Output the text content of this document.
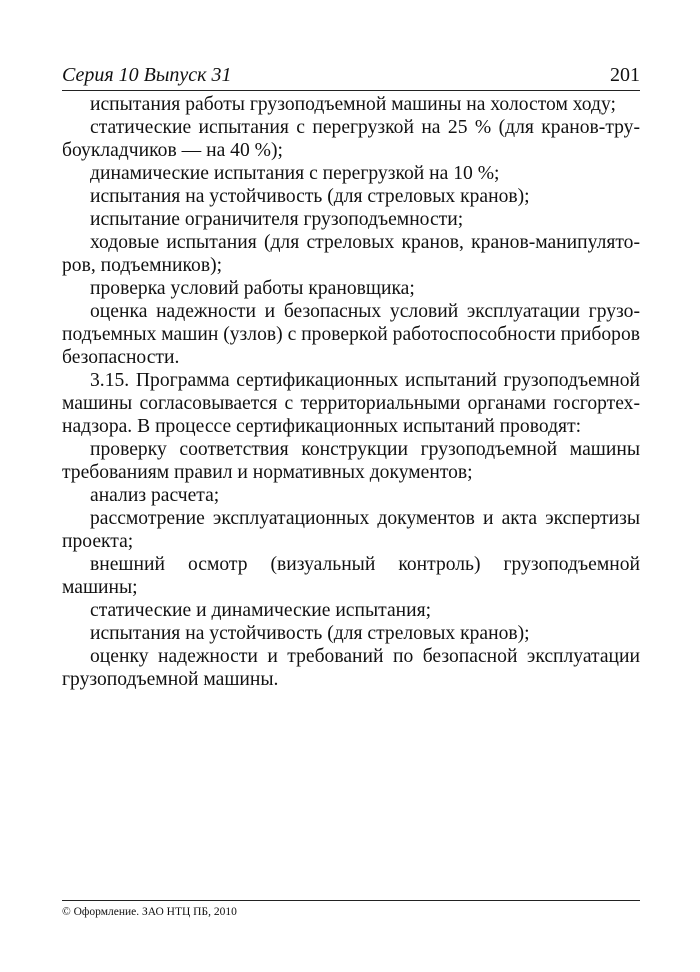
Серия 10 Выпуск 31	201

испытания работы грузоподъемной машины на холостом ходу;

статические испытания с перегрузкой на 25 % (для кранов-трубоукладчиков — на 40 %);

динамические испытания с перегрузкой на 10 %;

испытания на устойчивость (для стреловых кранов);

испытание ограничителя грузоподъемности;

ходовые испытания (для стреловых кранов, кранов-манипуляторов, подъемников);

проверка условий работы крановщика;

оценка надежности и безопасных условий эксплуатации грузоподъемных машин (узлов) с проверкой работоспособности приборов безопасности.

3.15. Программа сертификационных испытаний грузоподъемной машины согласовывается с территориальными органами госгортехнадзора. В процессе сертификационных испытаний проводят:

проверку соответствия конструкции грузоподъемной машины требованиям правил и нормативных документов;

анализ расчета;

рассмотрение эксплуатационных документов и акта экспертизы проекта;

внешний осмотр (визуальный контроль) грузоподъемной машины;

статические и динамические испытания;

испытания на устойчивость (для стреловых кранов);

оценку надежности и требований по безопасной эксплуатации грузоподъемной машины.

© Оформление. ЗАО НТЦ ПБ, 2010
